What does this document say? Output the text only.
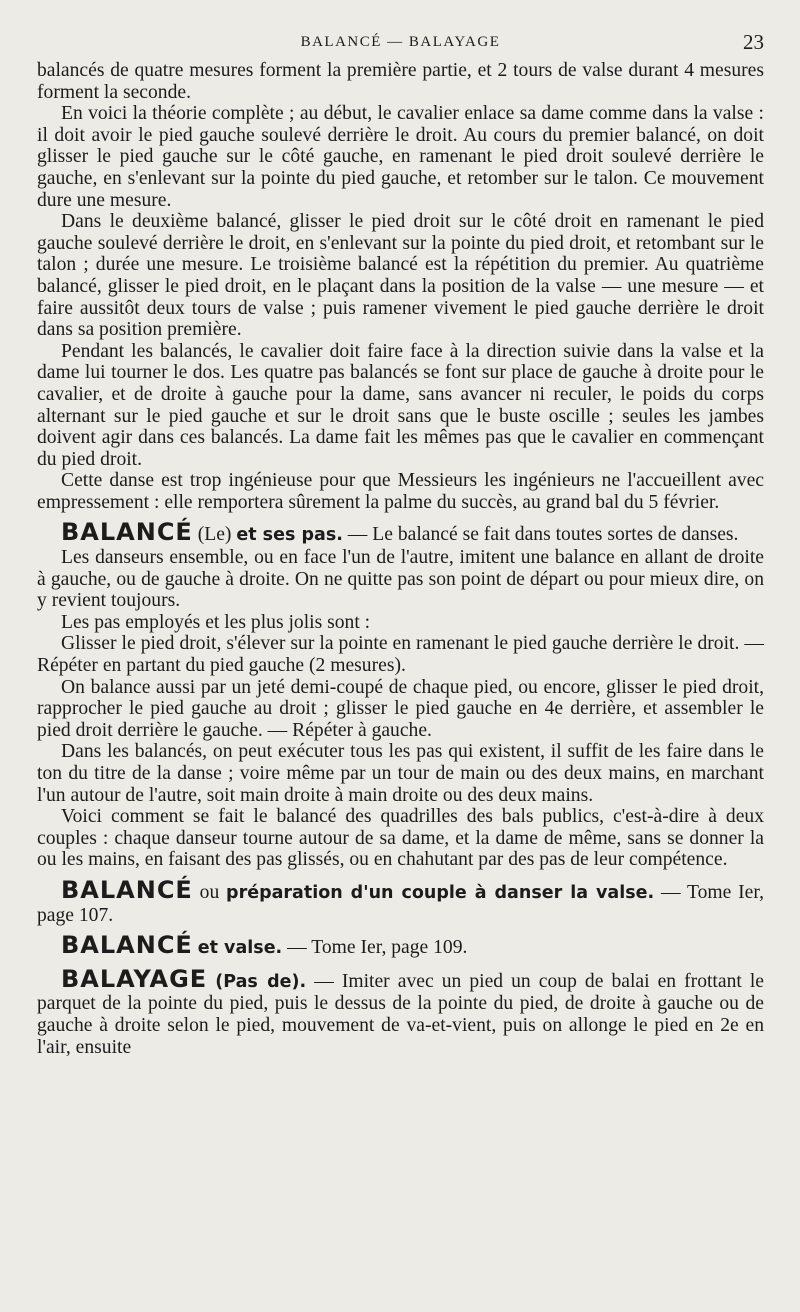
BALANCÉ — BALAYAGE	23

balancés de quatre mesures forment la première partie, et 2 tours de valse durant 4 mesures forment la seconde.

En voici la théorie complète ; au début, le cavalier enlace sa dame comme dans la valse : il doit avoir le pied gauche soulevé derrière le droit. Au cours du premier balancé, on doit glisser le pied gauche sur le côté gauche, en ramenant le pied droit soulevé derrière le gauche, en s'enlevant sur la pointe du pied gauche, et retomber sur le talon. Ce mouvement dure une mesure.

Dans le deuxième balancé, glisser le pied droit sur le côté droit en ramenant le pied gauche soulevé derrière le droit, en s'enlevant sur la pointe du pied droit, et retombant sur le talon ; durée une mesure. Le troisième balancé est la répétition du premier. Au quatrième balancé, glisser le pied droit, en le plaçant dans la position de la valse — une mesure — et faire aussitôt deux tours de valse ; puis ramener vivement le pied gauche derrière le droit dans sa position première.

Pendant les balancés, le cavalier doit faire face à la direction suivie dans la valse et la dame lui tourner le dos. Les quatre pas balancés se font sur place de gauche à droite pour le cavalier, et de droite à gauche pour la dame, sans avancer ni reculer, le poids du corps alternant sur le pied gauche et sur le droit sans que le buste oscille ; seules les jambes doivent agir dans ces balancés. La dame fait les mêmes pas que le cavalier en commençant du pied droit.

Cette danse est trop ingénieuse pour que Messieurs les ingénieurs ne l'accueillent avec empressement : elle remportera sûrement la palme du succès, au grand bal du 5 février.

BALANCÉ (Le) et ses pas. — Le balancé se fait dans toutes sortes de danses.

Les danseurs ensemble, ou en face l'un de l'autre, imitent une balance en allant de droite à gauche, ou de gauche à droite. On ne quitte pas son point de départ ou pour mieux dire, on y revient toujours.

Les pas employés et les plus jolis sont :

Glisser le pied droit, s'élever sur la pointe en ramenant le pied gauche derrière le droit. — Répéter en partant du pied gauche (2 mesures).

On balance aussi par un jeté demi-coupé de chaque pied, ou encore, glisser le pied droit, rapprocher le pied gauche au droit ; glisser le pied gauche en 4e derrière, et assembler le pied droit derrière le gauche. — Répéter à gauche.

Dans les balancés, on peut exécuter tous les pas qui existent, il suffit de les faire dans le ton du titre de la danse ; voire même par un tour de main ou des deux mains, en marchant l'un autour de l'autre, soit main droite à main droite ou des deux mains.

Voici comment se fait le balancé des quadrilles des bals publics, c'est-à-dire à deux couples : chaque danseur tourne autour de sa dame, et la dame de même, sans se donner la ou les mains, en faisant des pas glissés, ou en chahutant par des pas de leur compétence.

BALANCÉ ou préparation d'un couple à danser la valse. — Tome Ier, page 107.

BALANCÉ et valse. — Tome Ier, page 109.

BALAYAGE (Pas de). — Imiter avec un pied un coup de balai en frottant le parquet de la pointe du pied, puis le dessus de la pointe du pied, de droite à gauche ou de gauche à droite selon le pied, mouvement de va-et-vient, puis on allonge le pied en 2e en l'air, ensuite
